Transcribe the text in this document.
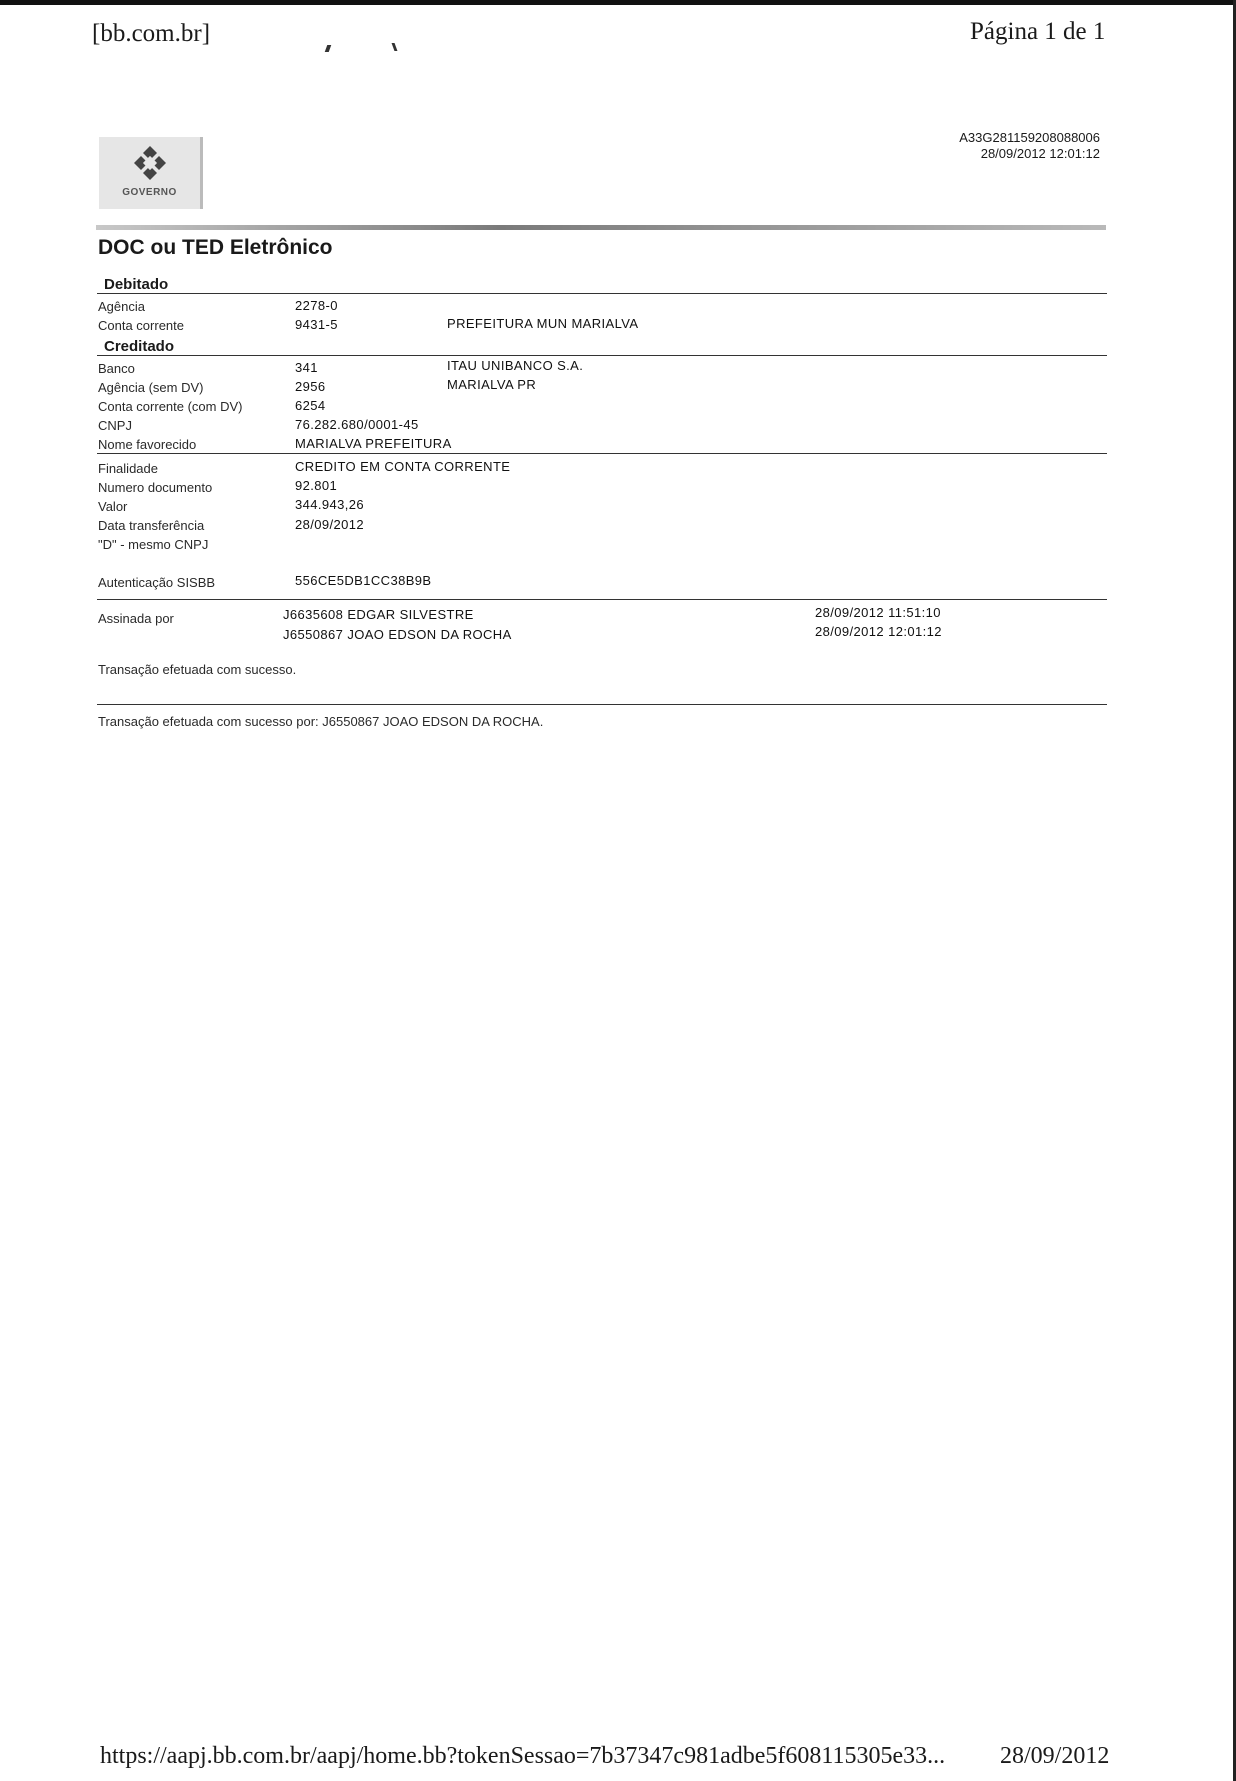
[bb.com.br]	Página 1 de 1
A33G281159208088006
28/09/2012 12:01:12
GOVERNO
DOC ou TED Eletrônico
Debitado
Agência	2278-0
Conta corrente	9431-5	PREFEITURA MUN MARIALVA
Creditado
Banco	341	ITAU UNIBANCO S.A.
Agência (sem DV)	2956	MARIALVA PR
Conta corrente (com DV)	6254
CNPJ	76.282.680/0001-45
Nome favorecido	MARIALVA PREFEITURA
Finalidade	CREDITO EM CONTA CORRENTE
Numero documento	92.801
Valor	344.943,26
Data transferência	28/09/2012
"D" - mesmo CNPJ
Autenticação SISBB	556CE5DB1CC38B9B
Assinada por	J6635608 EDGAR SILVESTRE	28/09/2012 11:51:10
J6550867 JOAO EDSON DA ROCHA	28/09/2012 12:01:12
Transação efetuada com sucesso.
Transação efetuada com sucesso por: J6550867 JOAO EDSON DA ROCHA.
https://aapj.bb.com.br/aapj/home.bb?tokenSessao=7b37347c981adbe5f608115305e33... 28/09/2012
